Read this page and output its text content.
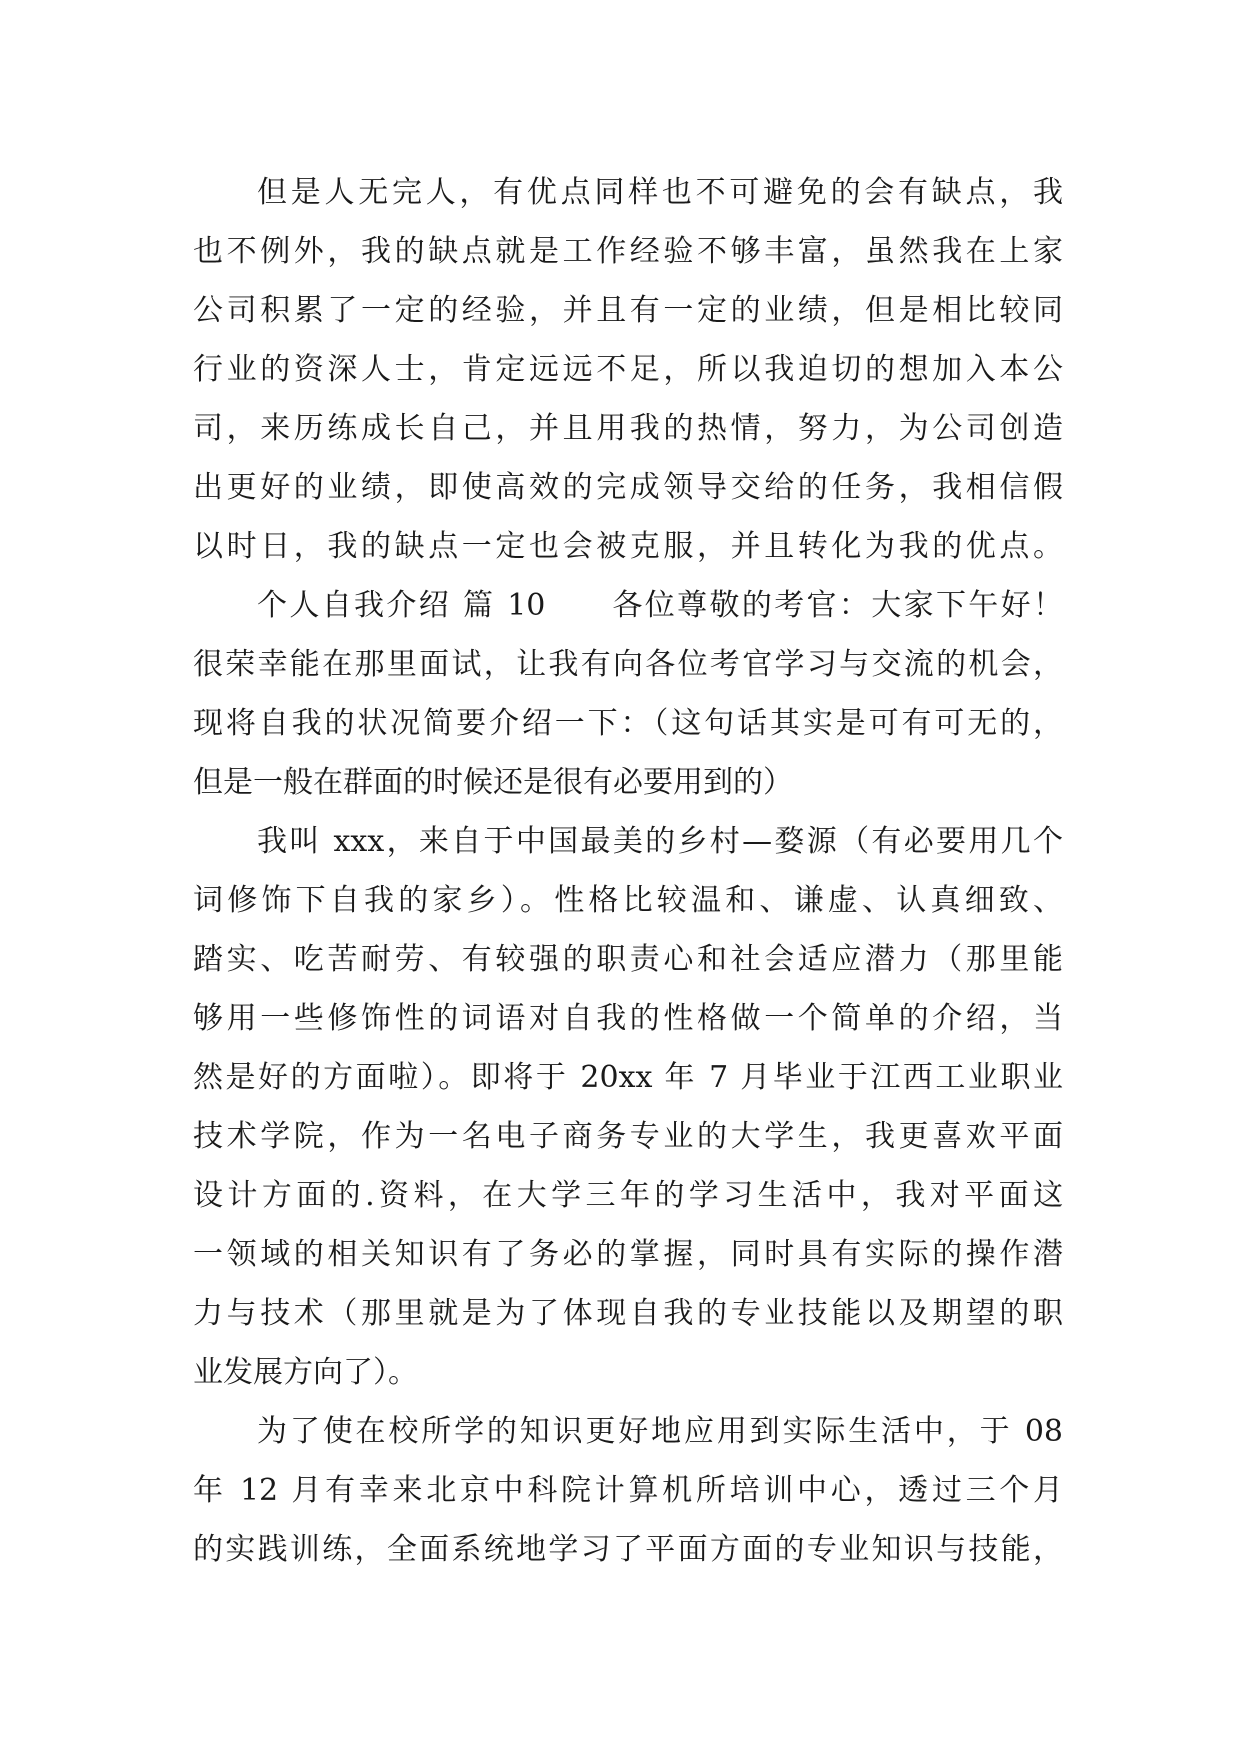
但是人无完人，有优点同样也不可避免的会有缺点，我
也不例外，我的缺点就是工作经验不够丰富，虽然我在上家
公司积累了一定的经验，并且有一定的业绩，但是相比较同
行业的资深人士，肯定远远不足，所以我迫切的想加入本公
司，来历练成长自己，并且用我的热情，努力，为公司创造
出更好的业绩，即使高效的完成领导交给的任务，我相信假
以时日，我的缺点一定也会被克服，并且转化为我的优点。
个人自我介绍 篇 10　　各位尊敬的考官：大家下午好！
很荣幸能在那里面试，让我有向各位考官学习与交流的机会，
现将自我的状况简要介绍一下：（这句话其实是可有可无的，
但是一般在群面的时候还是很有必要用到的）
我叫 xxx，来自于中国最美的乡村—婺源（有必要用几个
词修饰下自我的家乡）。性格比较温和、谦虚、认真细致、
踏实、吃苦耐劳、有较强的职责心和社会适应潜力（那里能
够用一些修饰性的词语对自我的性格做一个简单的介绍，当
然是好的方面啦）。即将于 20xx 年 7 月毕业于江西工业职业
技术学院，作为一名电子商务专业的大学生，我更喜欢平面
设计方面的.资料，在大学三年的学习生活中，我对平面这
一领域的相关知识有了务必的掌握，同时具有实际的操作潜
力与技术（那里就是为了体现自我的专业技能以及期望的职
业发展方向了）。
为了使在校所学的知识更好地应用到实际生活中，于 08
年 12 月有幸来北京中科院计算机所培训中心，透过三个月
的实践训练，全面系统地学习了平面方面的专业知识与技能，
